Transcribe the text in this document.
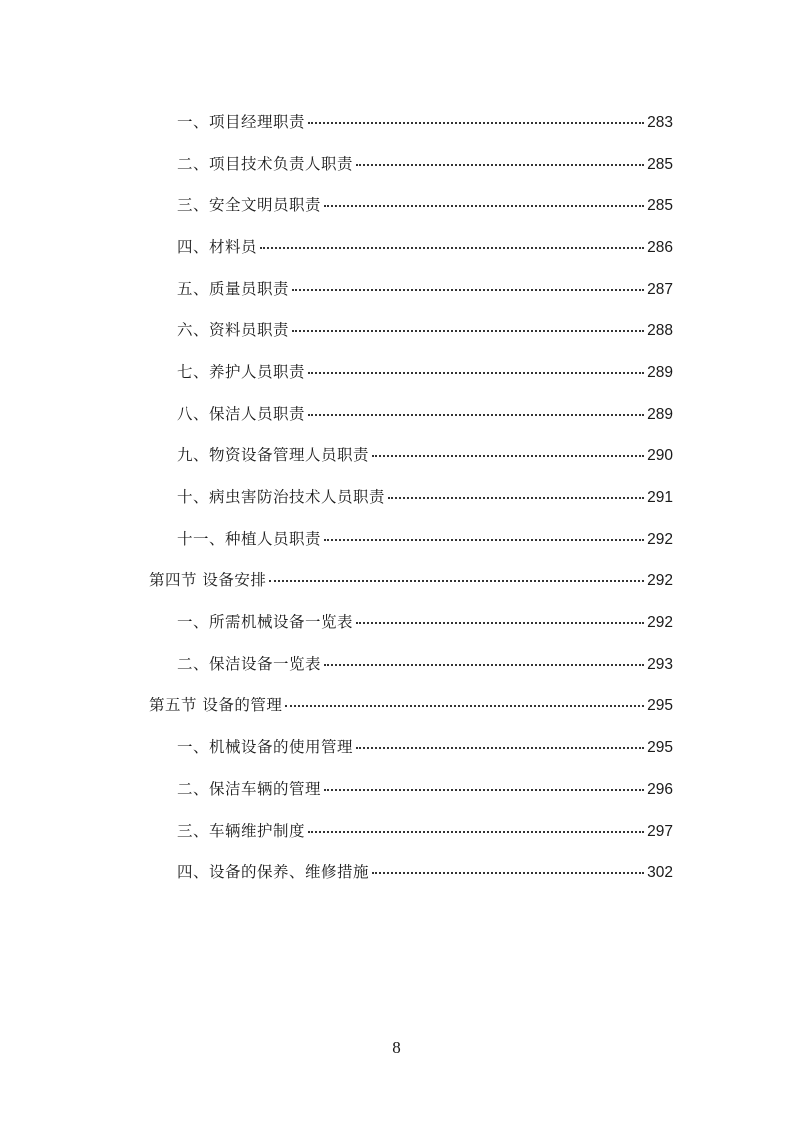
一、项目经理职责	283
二、项目技术负责人职责	285
三、安全文明员职责	285
四、材料员	286
五、质量员职责	287
六、资料员职责	288
七、养护人员职责	289
八、保洁人员职责	289
九、物资设备管理人员职责	290
十、病虫害防治技术人员职责	291
十一、种植人员职责	292
第四节 设备安排	292
一、所需机械设备一览表	292
二、保洁设备一览表	293
第五节 设备的管理	295
一、机械设备的使用管理	295
二、保洁车辆的管理	296
三、车辆维护制度	297
四、设备的保养、维修措施	302
8
